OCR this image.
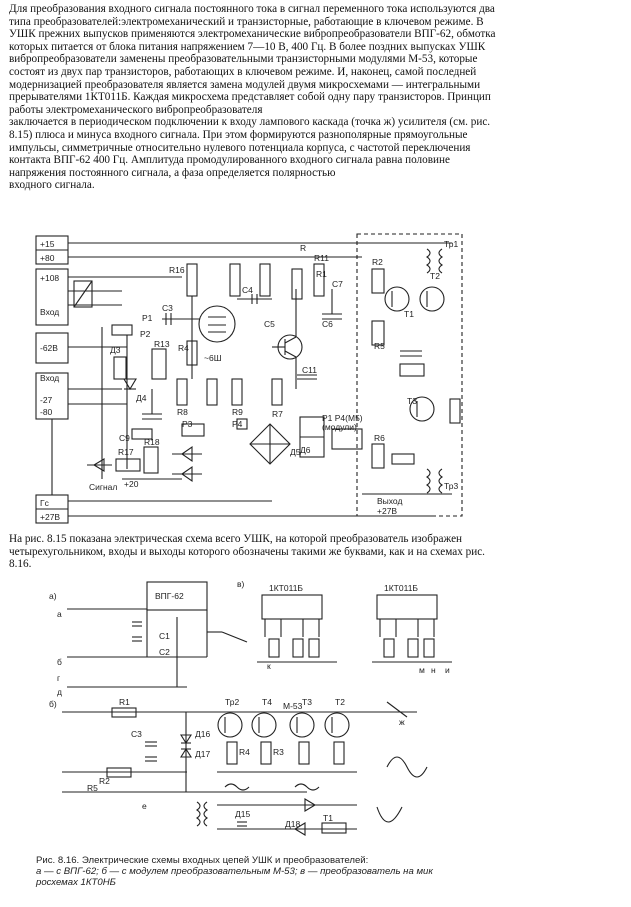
Для преобразования входного сигнала постоянного тока в сигнал переменного тока используются два
типа преобразователей:электромеханический и транзисторные, работающие в ключевом режиме. В
УШК прежних выпусков применяются электромеханические вибропреобразователи ВПГ-62, обмотка
которых питается от блока питания напряжением 7—10 В, 400 Гц. В более поздних выпусках УШК
вибропреобразователи заменены преобразовательными транзисторными модулями М-53, которые
состоят из двух пар транзисторов, работающих в ключевом режиме. И, наконец, самой последней
модернизацией преобразователя является замена модулей двумя микросхемами — интегральными
прерывателями 1КТ011Б. Каждая микросхема представляет собой одну пару транзисторов. Принцип
работы электромеханического вибропреобразователя
заключается в периодическом подключении к входу лампового каскада (точка ж) усилителя (см. рис.
8.15) плюса и минуса входного сигнала. При этом формируются разнополярные прямоугольные
импульсы, симметричные относительно нулевого потенциала корпуса, с частотой переключения
контакта ВПГ-62 400 Гц. Амплитуда промодулированного входного сигнала равна половине
напряжения постоянного сигнала, а фаза определяется полярностью
входного сигнала.
+15
+80
+108
Вход
-62В
Вход
-27
-80
Гс
+27В
Сигнал
Выход
+27В
R16
R11
R
С3
Р1
Р2
Д3
Д4
R4
С4
С5	С6
С7
С9
С11
R1
R2
R5
R6
R7
R8	R9
R13
R17
R18
Т1
Т2
Т3
Тр1
Тр3
Р3	Р4
Д5 Д6
+20
~6Ш
Р1 Р4(М5)
(модули)
На рис. 8.15 показана электрическая схема всего УШК, на которой преобразователь изображен
четырехугольником, входы и выходы которого обозначены такими же буквами, как и на схемах рис.
8.16.
а)
б)
в)
ВПГ-62
1КТ011Б	1КТ011Б
М-53
а
б
г
д
е
ж
к	и
м н
R2
R1
R3
R4
R5
С1
С2
С3
Д15
Д16
Д17
Д18
Т1
Т2
Т3
Т4
Тр2
Рис. 8.16. Электрические схемы входных цепей УШК и преобразователей:
а — с ВПГ-62; б — с модулем преобразовательным М-53; в — преобразователь на мик
росхемах 1КТ0НБ
